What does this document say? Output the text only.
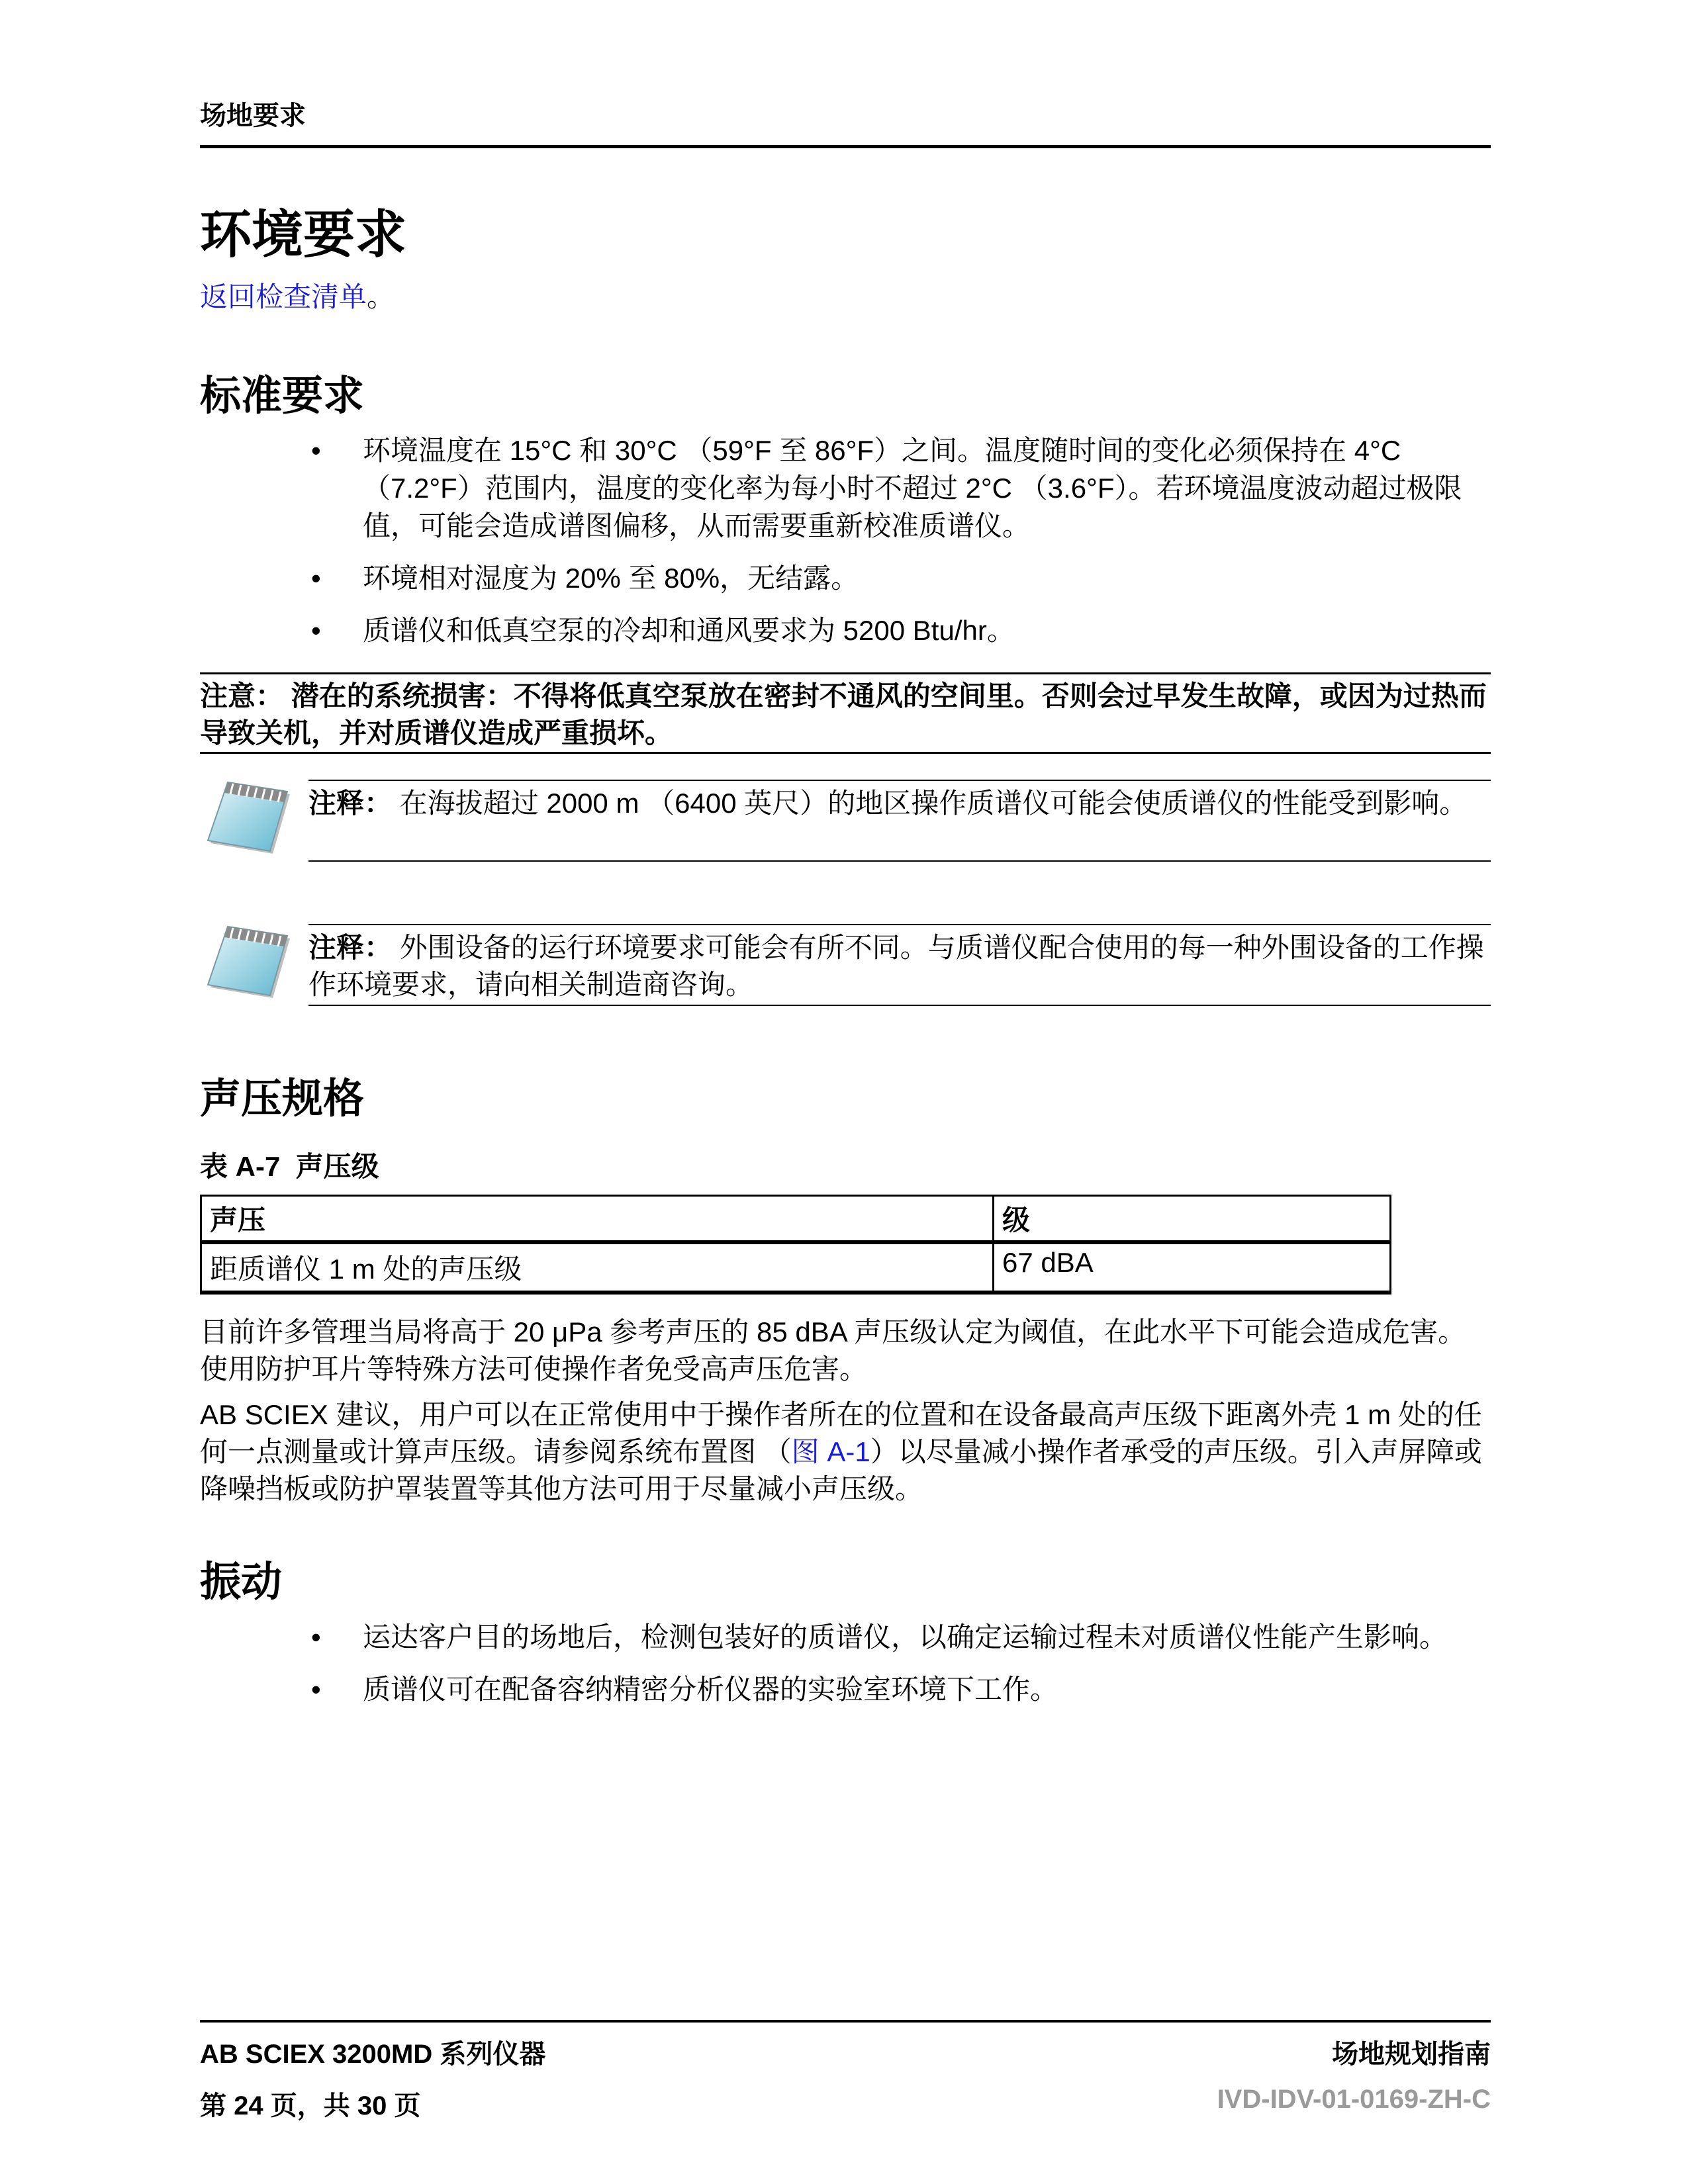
场地要求
环境要求
返回检查清单。
标准要求
• 环境温度在 15°C 和 30°C （59°F 至 86°F）之间。温度随时间的变化必须保持在 4°C （7.2°F）范围内，温度的变化率为每小时不超过 2°C （3.6°F）。若环境温度波动超过极限值，可能会造成谱图偏移，从而需要重新校准质谱仪。
• 环境相对湿度为 20% 至 80%，无结露。
• 质谱仪和低真空泵的冷却和通风要求为 5200 Btu/hr。
注意： 潜在的系统损害：不得将低真空泵放在密封不通风的空间里。否则会过早发生故障，或因为过热而导致关机，并对质谱仪造成严重损坏。
注释： 在海拔超过 2000 m （6400 英尺）的地区操作质谱仪可能会使质谱仪的性能受到影响。
注释： 外围设备的运行环境要求可能会有所不同。与质谱仪配合使用的每一种外围设备的工作操作环境要求，请向相关制造商咨询。
声压规格
表 A-7  声压级
声压	级
距质谱仪 1 m 处的声压级	67 dBA
目前许多管理当局将高于 20 μPa 参考声压的 85 dBA 声压级认定为阈值，在此水平下可能会造成危害。使用防护耳片等特殊方法可使操作者免受高声压危害。
AB SCIEX 建议，用户可以在正常使用中于操作者所在的位置和在设备最高声压级下距离外壳 1 m 处的任何一点测量或计算声压级。请参阅系统布置图 （图 A-1）以尽量减小操作者承受的声压级。引入声屏障或降噪挡板或防护罩装置等其他方法可用于尽量减小声压级。
振动
• 运达客户目的场地后，检测包装好的质谱仪，以确定运输过程未对质谱仪性能产生影响。
• 质谱仪可在配备容纳精密分析仪器的实验室环境下工作。
AB SCIEX 3200MD 系列仪器	场地规划指南
第 24 页，共 30 页	IVD-IDV-01-0169-ZH-C
